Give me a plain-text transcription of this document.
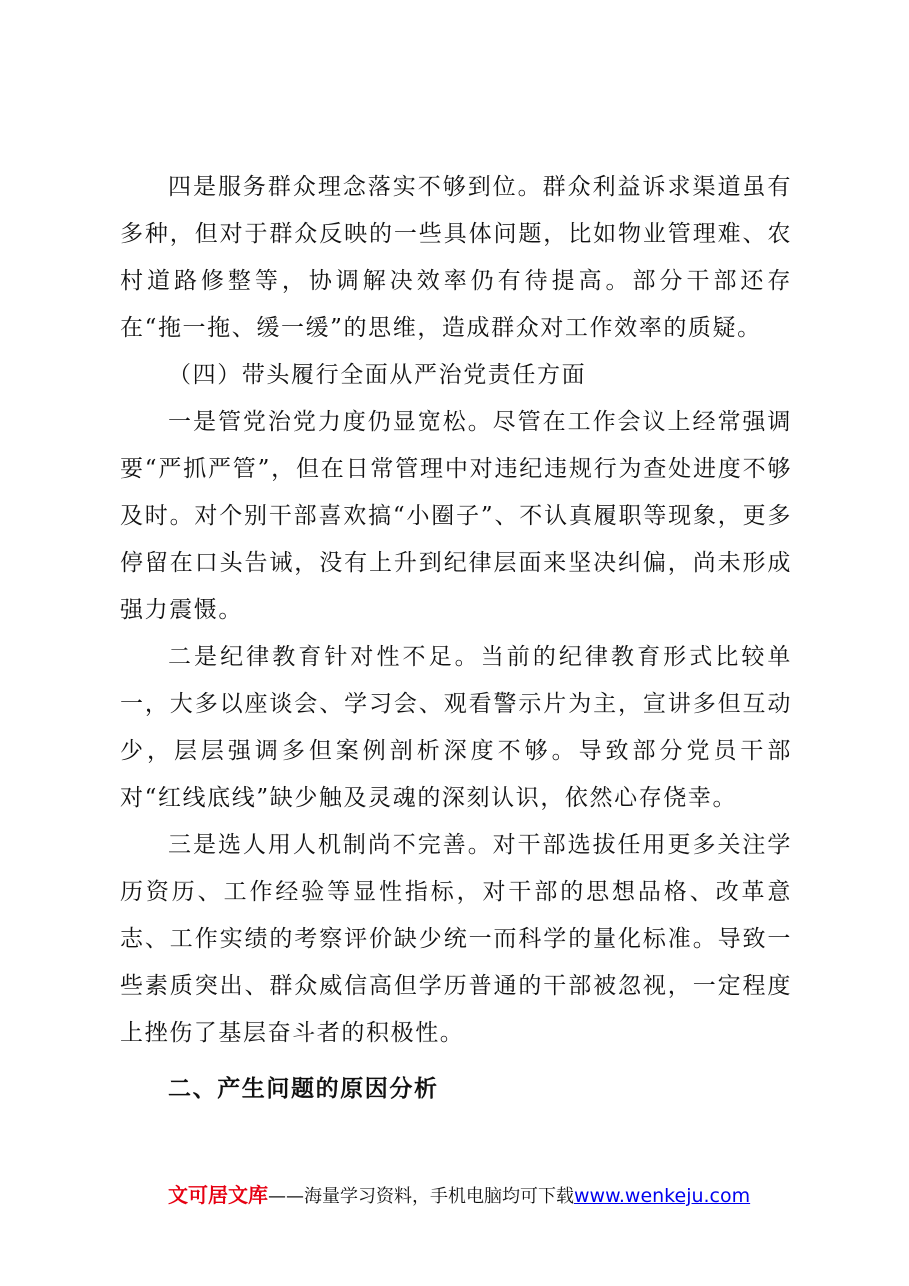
四是服务群众理念落实不够到位。群众利益诉求渠道虽有多种，但对于群众反映的一些具体问题，比如物业管理难、农村道路修整等，协调解决效率仍有待提高。部分干部还存在“拖一拖、缓一缓”的思维，造成群众对工作效率的质疑。

（四）带头履行全面从严治党责任方面

一是管党治党力度仍显宽松。尽管在工作会议上经常强调要“严抓严管”，但在日常管理中对违纪违规行为查处进度不够及时。对个别干部喜欢搞“小圈子”、不认真履职等现象，更多停留在口头告诫，没有上升到纪律层面来坚决纠偏，尚未形成强力震慑。

二是纪律教育针对性不足。当前的纪律教育形式比较单一，大多以座谈会、学习会、观看警示片为主，宣讲多但互动少，层层强调多但案例剖析深度不够。导致部分党员干部对“红线底线”缺少触及灵魂的深刻认识，依然心存侥幸。

三是选人用人机制尚不完善。对干部选拔任用更多关注学历资历、工作经验等显性指标，对干部的思想品格、改革意志、工作实绩的考察评价缺少统一而科学的量化标准。导致一些素质突出、群众威信高但学历普通的干部被忽视，一定程度上挫伤了基层奋斗者的积极性。

二、产生问题的原因分析
文可居文库——海量学习资料，手机电脑均可下载www.wenkeju.com
